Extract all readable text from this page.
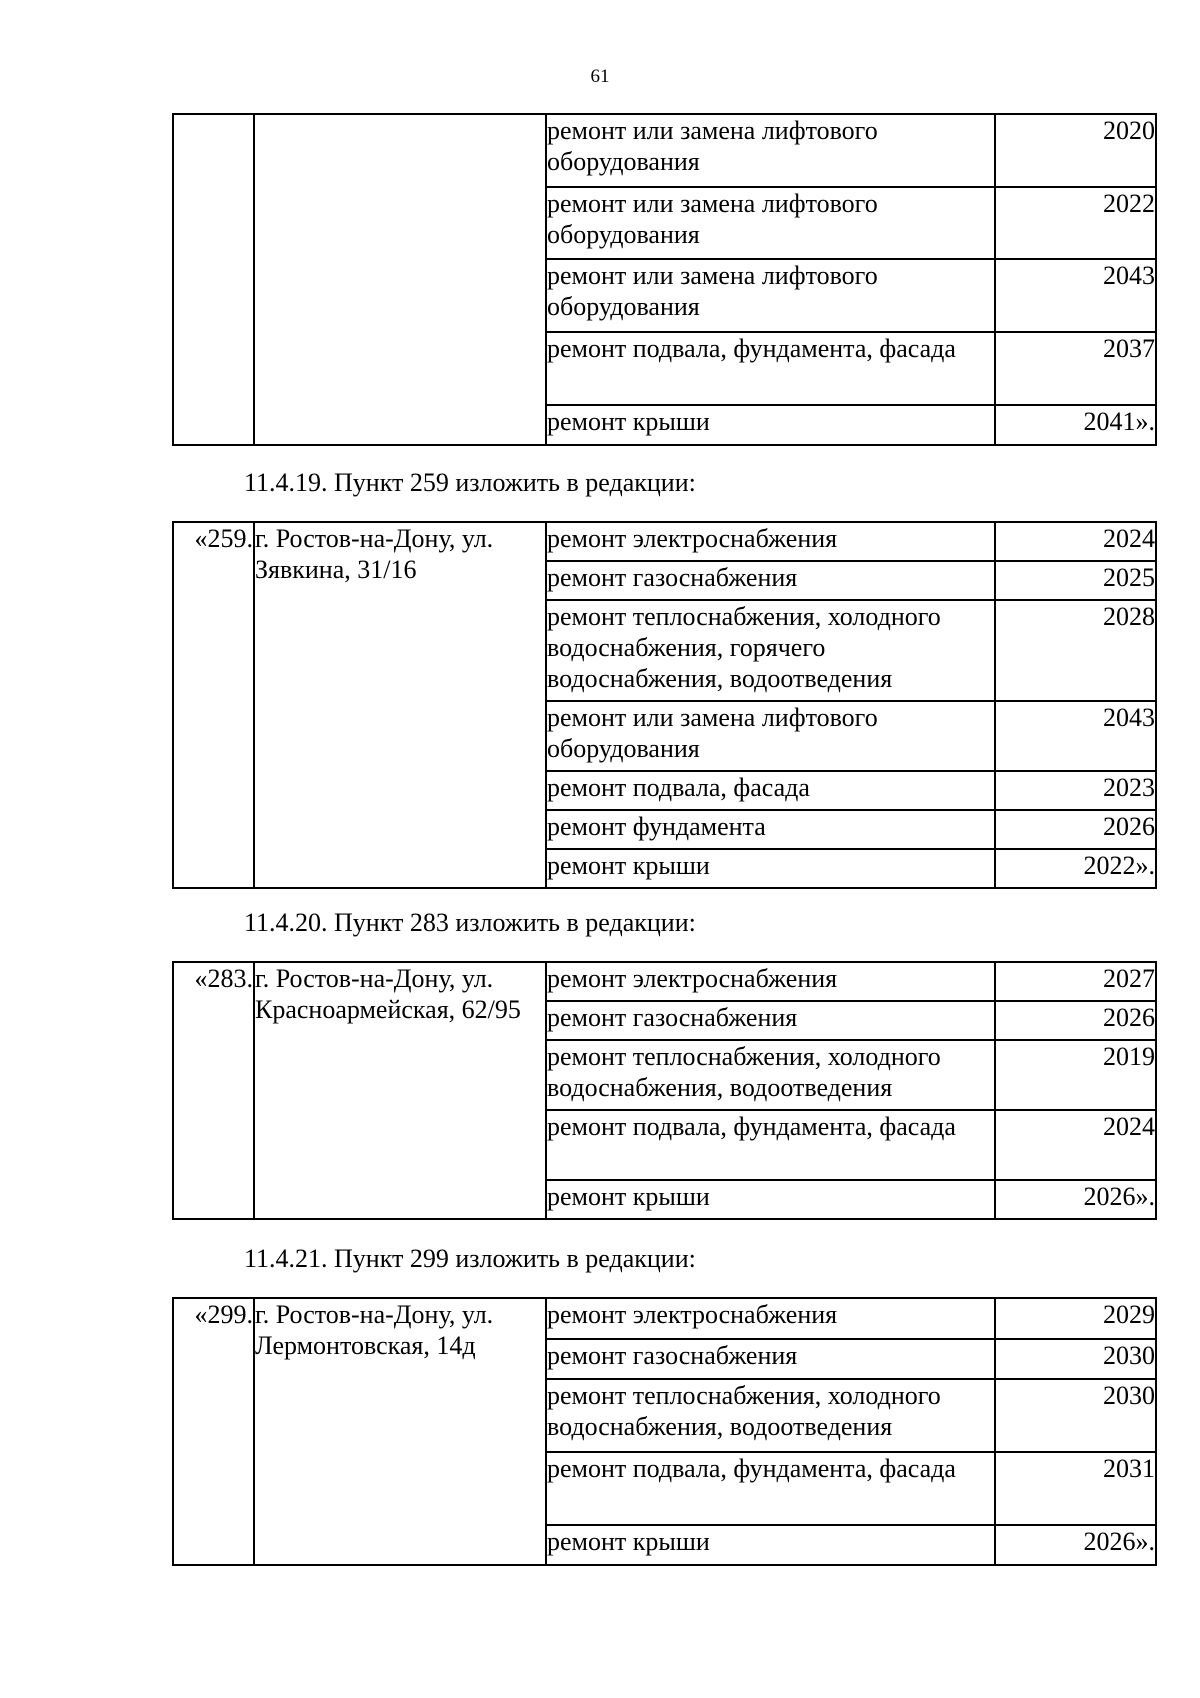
61
		ремонт или замена лифтового оборудования	2020
		ремонт или замена лифтового оборудования	2022
		ремонт или замена лифтового оборудования	2043
		ремонт подвала, фундамента, фасада	2037
		ремонт крыши	2041».
11.4.19. Пункт 259 изложить в редакции:
«259.	г. Ростов-на-Дону, ул. Зявкина, 31/16	ремонт электроснабжения	2024
		ремонт газоснабжения	2025
		ремонт теплоснабжения, холодного водоснабжения, горячего водоснабжения, водоотведения	2028
		ремонт или замена лифтового оборудования	2043
		ремонт подвала, фасада	2023
		ремонт фундамента	2026
		ремонт крыши	2022».
11.4.20. Пункт 283 изложить в редакции:
«283.	г. Ростов-на-Дону, ул. Красноармейская, 62/95	ремонт электроснабжения	2027
		ремонт газоснабжения	2026
		ремонт теплоснабжения, холодного водоснабжения, водоотведения	2019
		ремонт подвала, фундамента, фасада	2024
		ремонт крыши	2026».
11.4.21. Пункт 299 изложить в редакции:
«299.	г. Ростов-на-Дону, ул. Лермонтовская, 14д	ремонт электроснабжения	2029
		ремонт газоснабжения	2030
		ремонт теплоснабжения, холодного водоснабжения, водоотведения	2030
		ремонт подвала, фундамента, фасада	2031
		ремонт крыши	2026».
